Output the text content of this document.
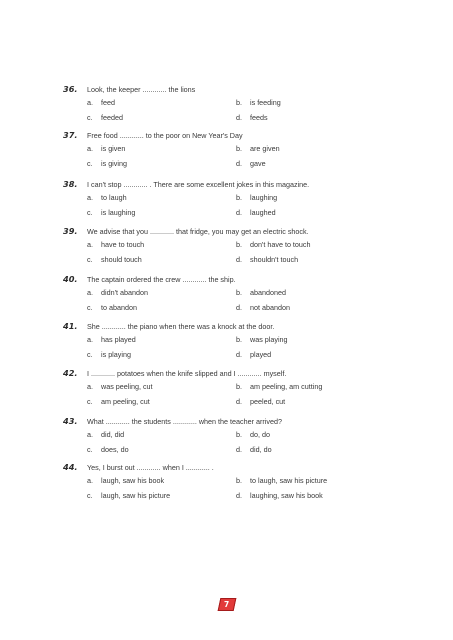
36.	Look, the keeper ............ the lions
a.	feed	b.	is feeding
c.	feeded	d.	feeds
37.	Free food ............ to the poor on New Year's Day
a.	is given	b.	are given
c.	is giving	d.	gave
38.	I can't stop ............ . There are some excellent jokes in this magazine.
a.	to laugh	b.	laughing
c.	is laughing	d.	laughed
39.	We advise that you ............ that fridge, you may get an electric shock.
a.	have to touch	b.	don't have to touch
c.	should touch	d.	shouldn't touch
40.	The captain ordered the crew ............ the ship.
a.	didn't abandon	b.	abandoned
c.	to abandon	d.	not abandon
41.	She ............ the piano when there was a knock at the door.
a.	has played	b.	was playing
c.	is playing	d.	played
42.	I ............ potatoes when the knife slipped and I ............ myself.
a.	was peeling, cut	b.	am peeling, am cutting
c.	am peeling, cut	d.	peeled, cut
43.	What ............ the students ............ when the teacher arrived?
a.	did, did	b.	do, do
c.	does, do	d.	did, do
44.	Yes, I burst out ............ when I ............ .
a.	laugh, saw his book	b.	to laugh, saw his picture
c.	laugh, saw his picture	d.	laughing, saw his book
7
